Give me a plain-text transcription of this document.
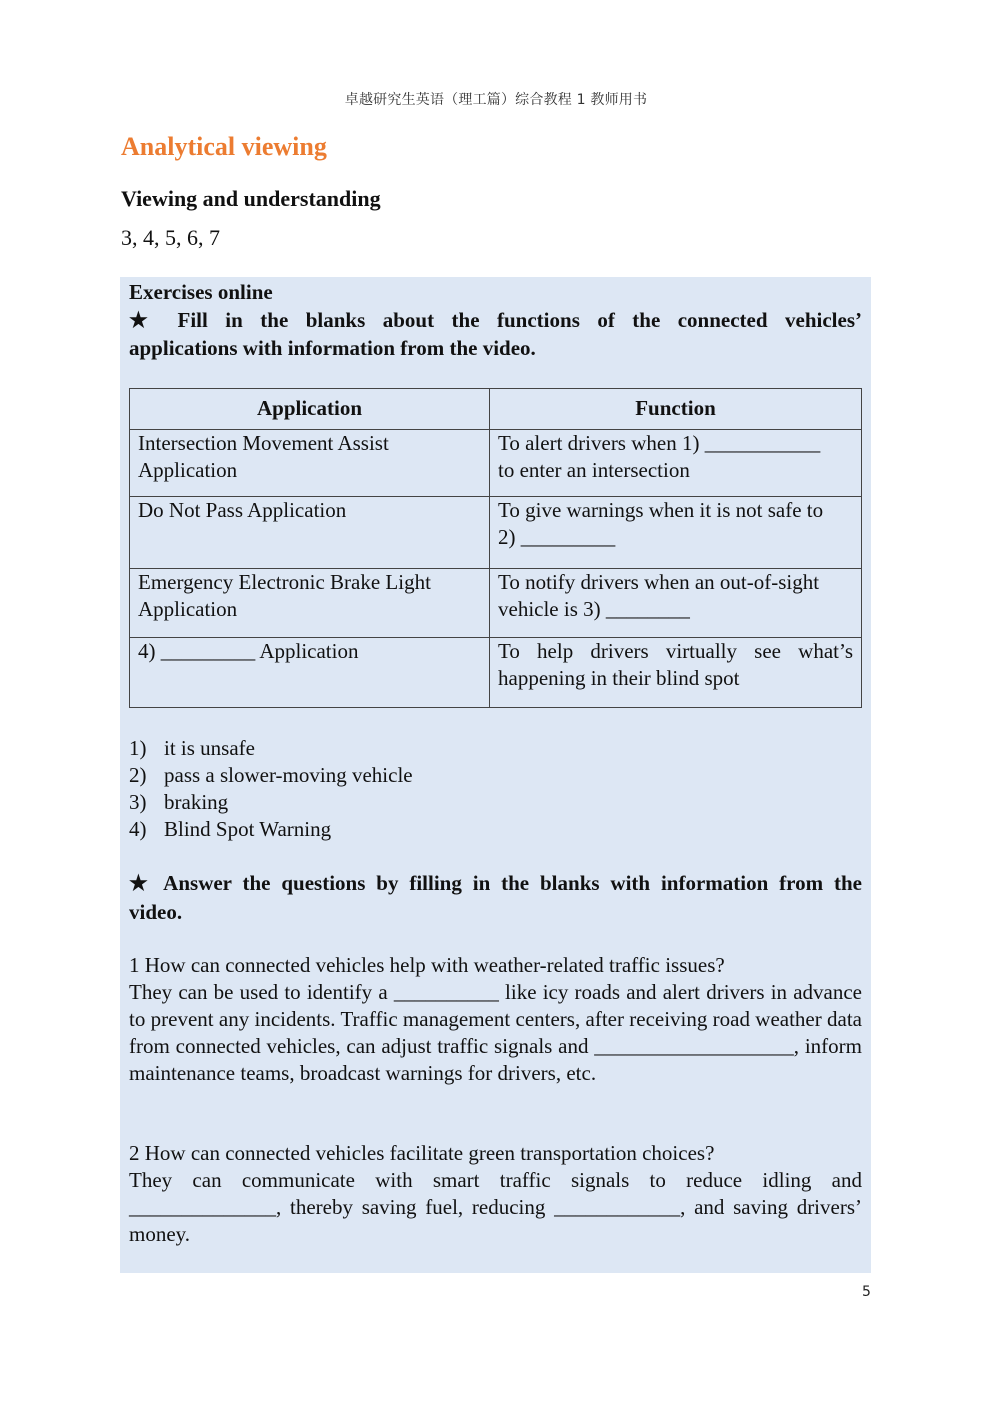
卓越研究生英语（理工篇）综合教程 1 教师用书
Analytical viewing
Viewing and understanding
3, 4, 5, 6, 7
Exercises online
★ Fill in the blanks about the functions of the connected vehicles’
applications with information from the video.
Application	Function
Intersection Movement Assist Application	To alert drivers when 1) ___________
to enter an intersection
Do Not Pass Application	To give warnings when it is not safe to
2) _________
Emergency Electronic Brake Light Application	To notify drivers when an out-of-sight
vehicle is 3) ________
4) _________ Application	To help drivers virtually see what’s happening in their blind spot
1) it is unsafe
2) pass a slower-moving vehicle
3) braking
4) Blind Spot Warning
★ Answer the questions by filling in the blanks with information from the
video.
1 How can connected vehicles help with weather-related traffic issues?
They can be used to identify a __________ like icy roads and alert drivers in advance to prevent any incidents. Traffic management centers, after receiving road weather data from connected vehicles, can adjust traffic signals and ___________________, inform maintenance teams, broadcast warnings for drivers, etc.
2 How can connected vehicles facilitate green transportation choices?
They can communicate with smart traffic signals to reduce idling and ______________, thereby saving fuel, reducing ____________, and saving drivers’ money.
5
